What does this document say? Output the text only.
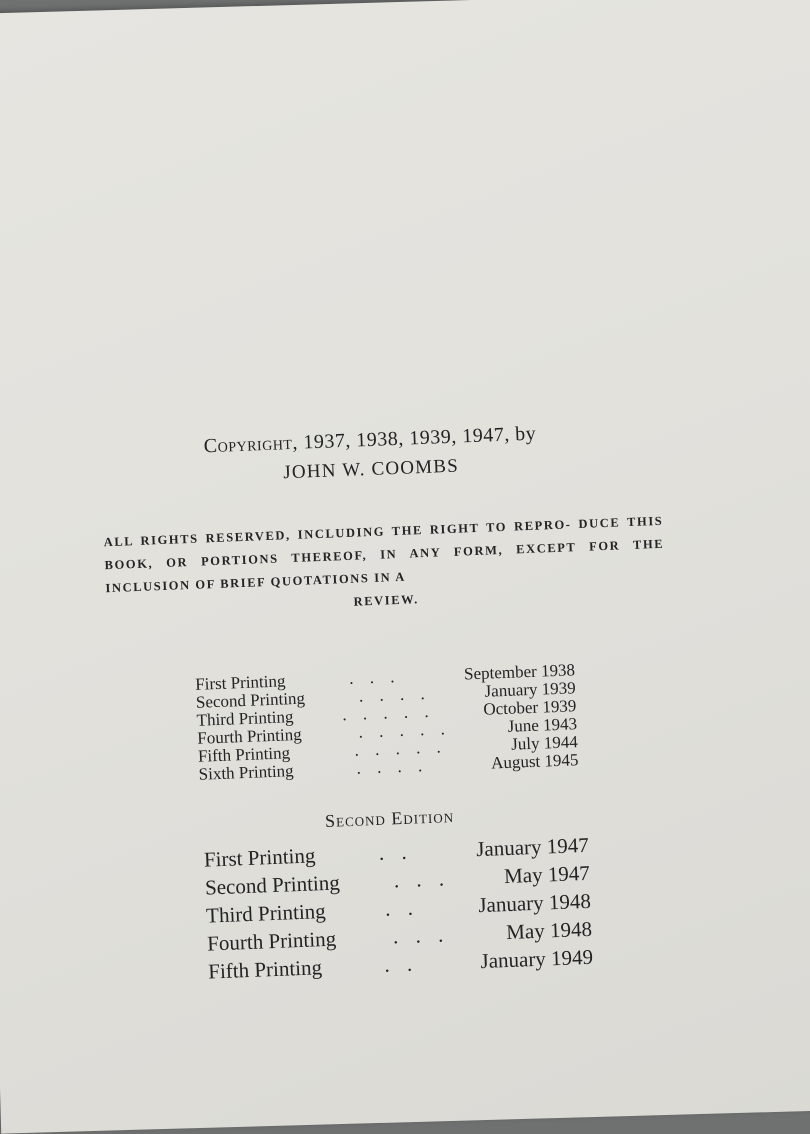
Copyright, 1937, 1938, 1939, 1947, by
JOHN W. COOMBS
ALL RIGHTS RESERVED, INCLUDING THE RIGHT TO REPRO- DUCE THIS BOOK, OR PORTIONS THEREOF, IN ANY FORM, EXCEPT FOR THE INCLUSION OF BRIEF QUOTATIONS IN A
REVIEW.
First Printing	. . .	September 1938
Second Printing	. . . .	January 1939
Third Printing	. . . . .	October 1939
Fourth Printing	. . . . .	June 1943
Fifth Printing	. . . . .	July 1944
Sixth Printing	. . . .	August 1945
Second Edition
First Printing	. .	January 1947
Second Printing	. . .	May 1947
Third Printing	. .	January 1948
Fourth Printing	. . .	May 1948
Fifth Printing	. .	January 1949
